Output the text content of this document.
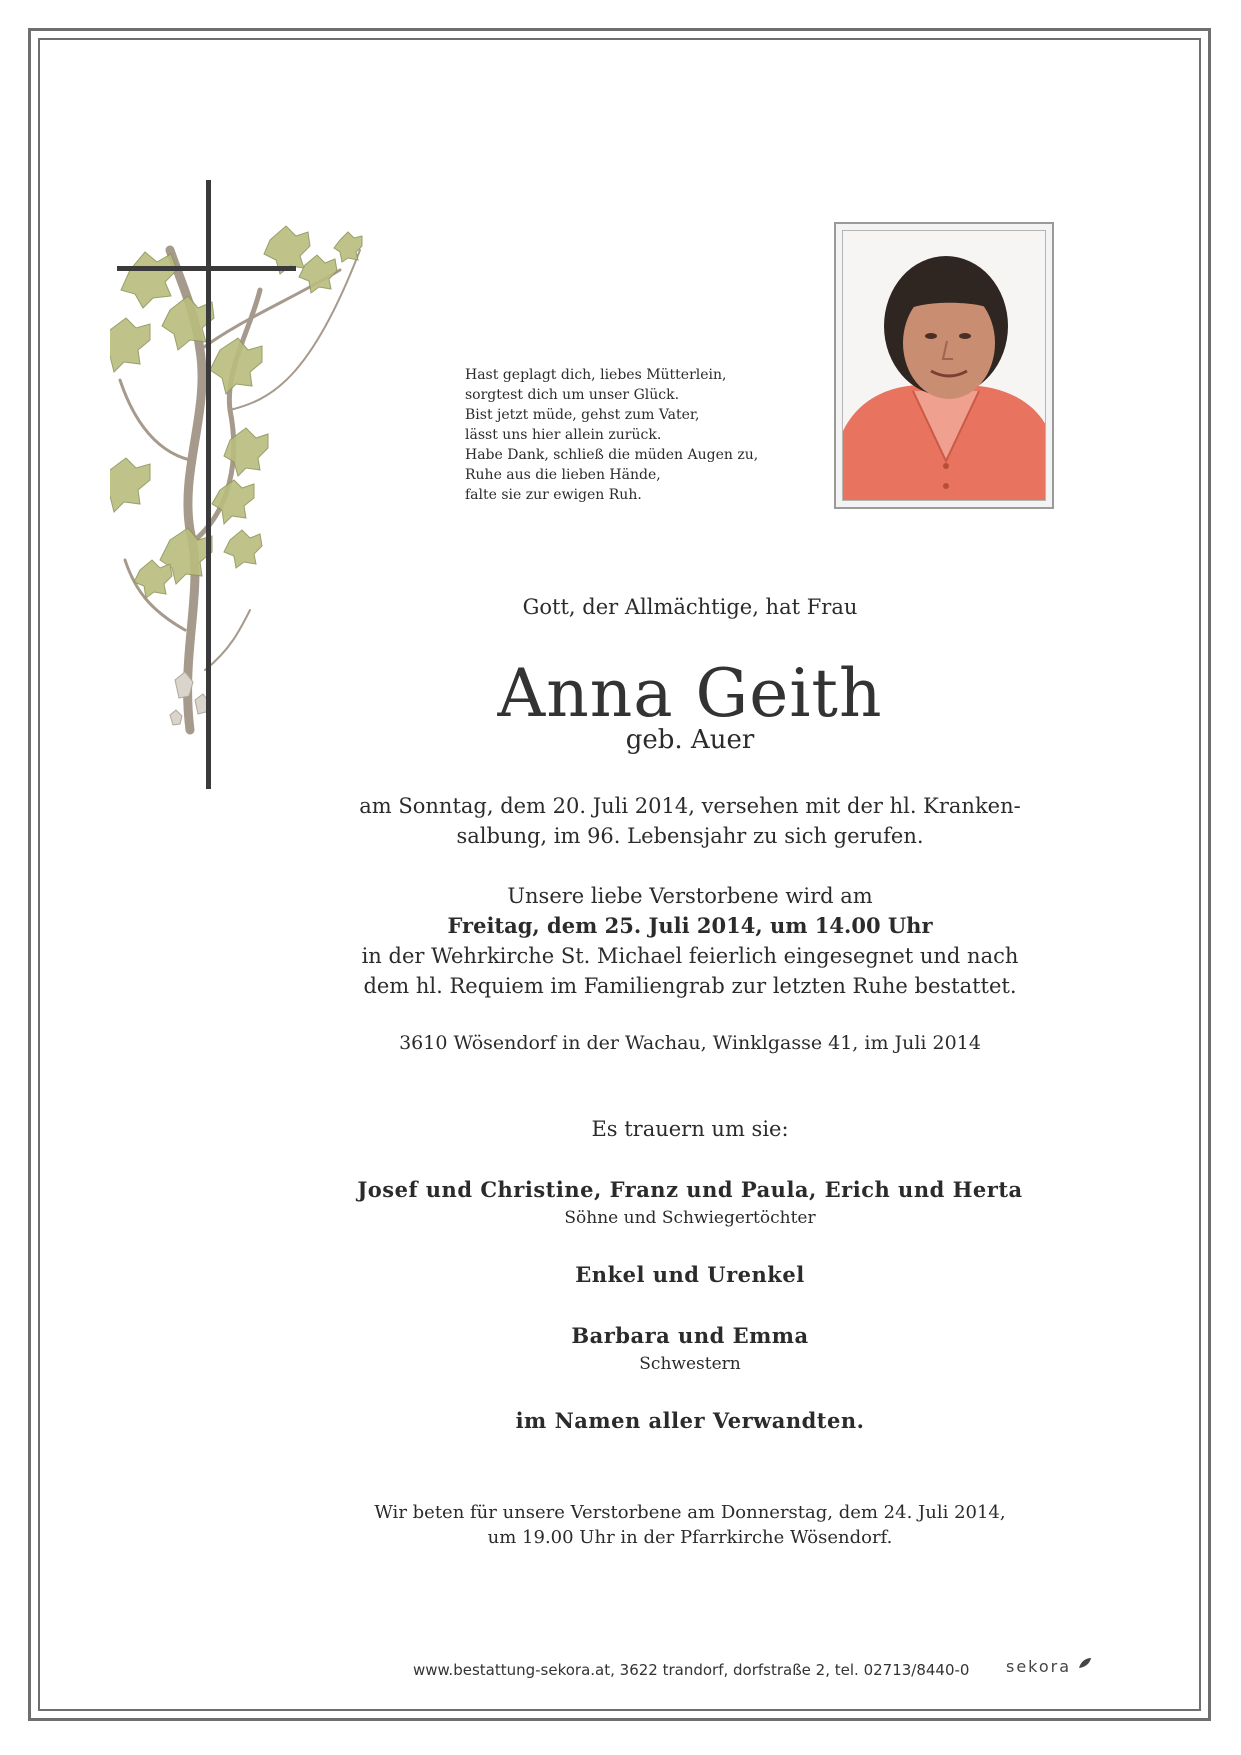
Hast geplagt dich, liebes Mütterlein,
sorgtest dich um unser Glück.
Bist jetzt müde, gehst zum Vater,
lässt uns hier allein zurück.
Habe Dank, schließ die müden Augen zu,
Ruhe aus die lieben Hände,
falte sie zur ewigen Ruh.
Gott, der Allmächtige, hat Frau
Anna Geith
geb. Auer
am Sonntag, dem 20. Juli 2014, versehen mit der hl. Kranken-
salbung, im 96. Lebensjahr zu sich gerufen.
Unsere liebe Verstorbene wird am
Freitag, dem 25. Juli 2014, um 14.00 Uhr
in der Wehrkirche St. Michael feierlich eingesegnet und nach
dem hl. Requiem im Familiengrab zur letzten Ruhe bestattet.
3610 Wösendorf in der Wachau, Winklgasse 41, im Juli 2014
Es trauern um sie:
Josef und Christine, Franz und Paula, Erich und Herta
Söhne und Schwiegertöchter
Enkel und Urenkel
Barbara und Emma
Schwestern
im Namen aller Verwandten.
Wir beten für unsere Verstorbene am Donnerstag, dem 24. Juli 2014,
um 19.00 Uhr in der Pfarrkirche Wösendorf.
www.bestattung-sekora.at, 3622 trandorf, dorfstraße 2, tel. 02713/8440-0 sekora
